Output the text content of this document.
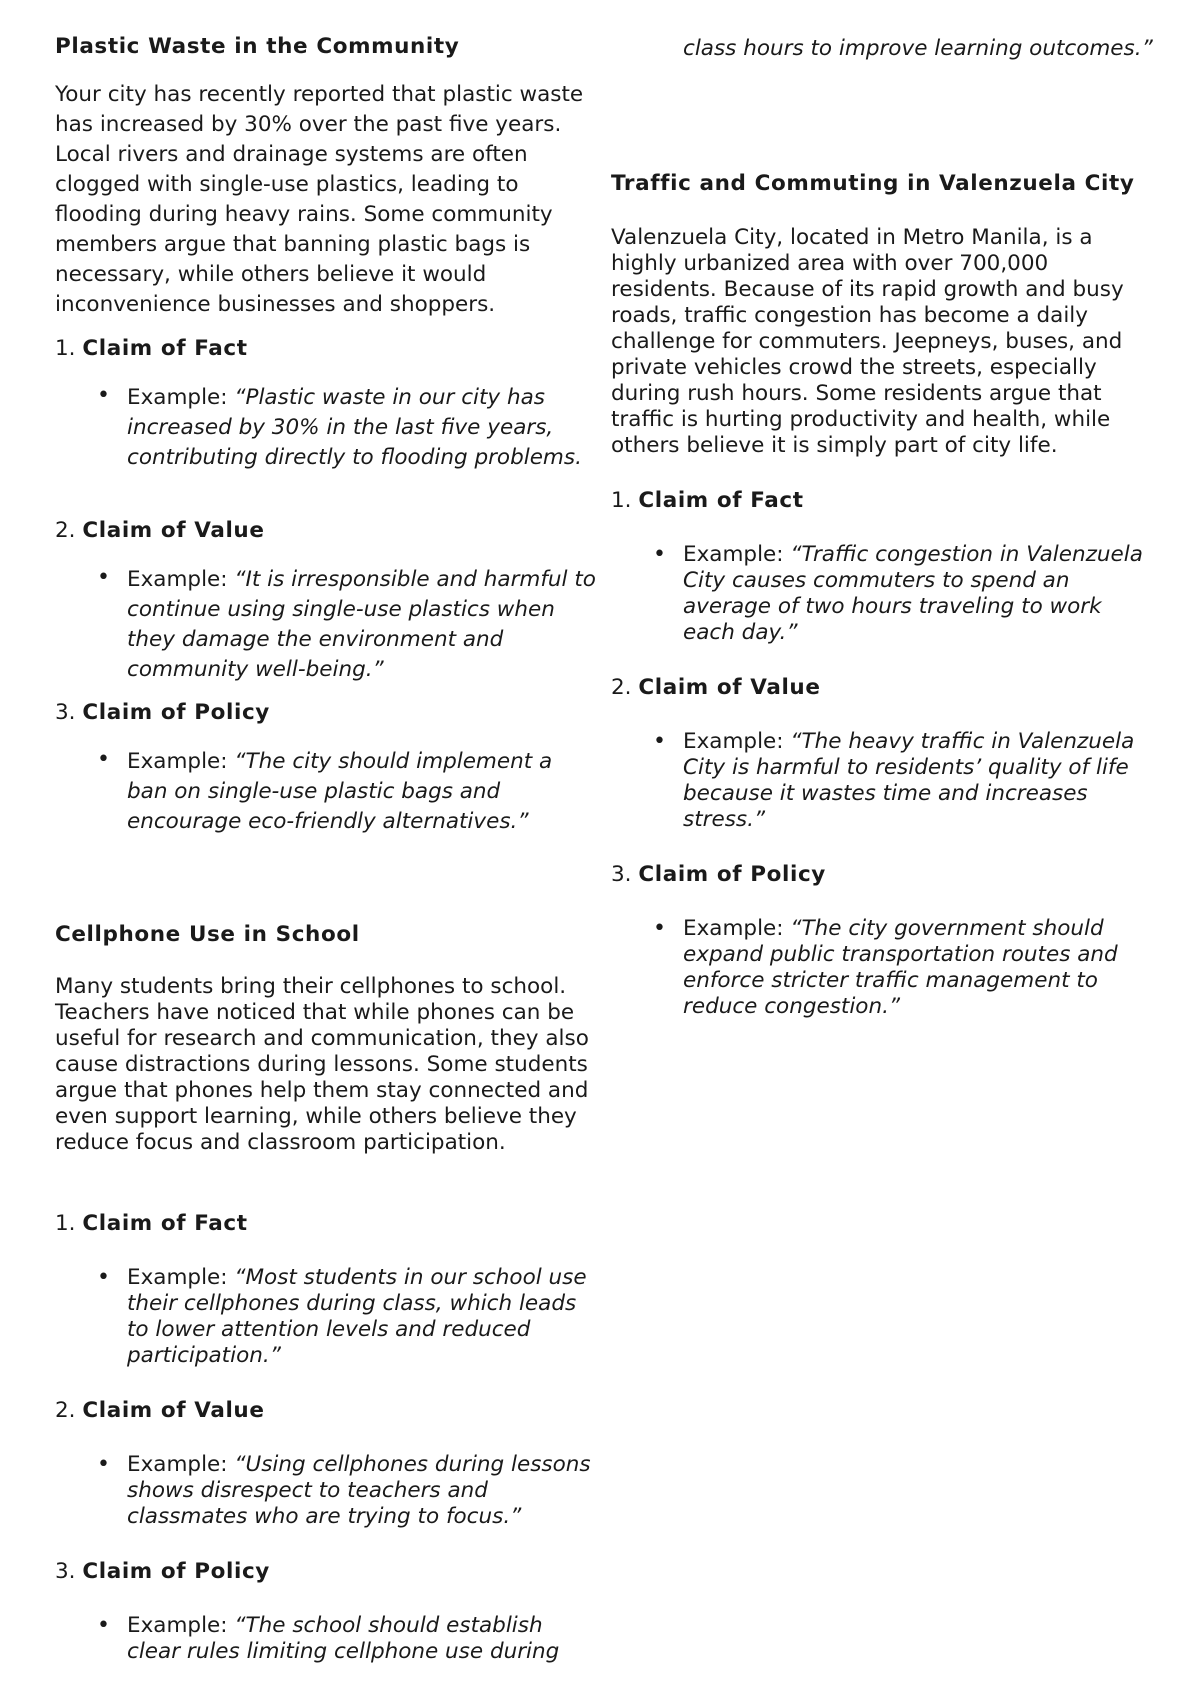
Plastic Waste in the Community

Your city has recently reported that plastic waste has increased by 30% over the past five years. Local rivers and drainage systems are often clogged with single-use plastics, leading to flooding during heavy rains. Some community members argue that banning plastic bags is necessary, while others believe it would inconvenience businesses and shoppers.

1. Claim of Fact
• Example: “Plastic waste in our city has increased by 30% in the last five years, contributing directly to flooding problems.

2. Claim of Value
• Example: “It is irresponsible and harmful to continue using single-use plastics when they damage the environment and community well-being.”

3. Claim of Policy
• Example: “The city should implement a ban on single-use plastic bags and encourage eco-friendly alternatives.”

Cellphone Use in School

Many students bring their cellphones to school. Teachers have noticed that while phones can be useful for research and communication, they also cause distractions during lessons. Some students argue that phones help them stay connected and even support learning, while others believe they reduce focus and classroom participation.

1. Claim of Fact
• Example: “Most students in our school use their cellphones during class, which leads to lower attention levels and reduced participation.”

2. Claim of Value
• Example: “Using cellphones during lessons shows disrespect to teachers and classmates who are trying to focus.”

3. Claim of Policy
• Example: “The school should establish clear rules limiting cellphone use during

class hours to improve learning outcomes.”

Traffic and Commuting in Valenzuela City

Valenzuela City, located in Metro Manila, is a highly urbanized area with over 700,000 residents. Because of its rapid growth and busy roads, traffic congestion has become a daily challenge for commuters. Jeepneys, buses, and private vehicles crowd the streets, especially during rush hours. Some residents argue that traffic is hurting productivity and health, while others believe it is simply part of city life.

1. Claim of Fact
• Example: “Traffic congestion in Valenzuela City causes commuters to spend an average of two hours traveling to work each day.”

2. Claim of Value
• Example: “The heavy traffic in Valenzuela City is harmful to residents’ quality of life because it wastes time and increases stress.”

3. Claim of Policy
• Example: “The city government should expand public transportation routes and enforce stricter traffic management to reduce congestion.”
